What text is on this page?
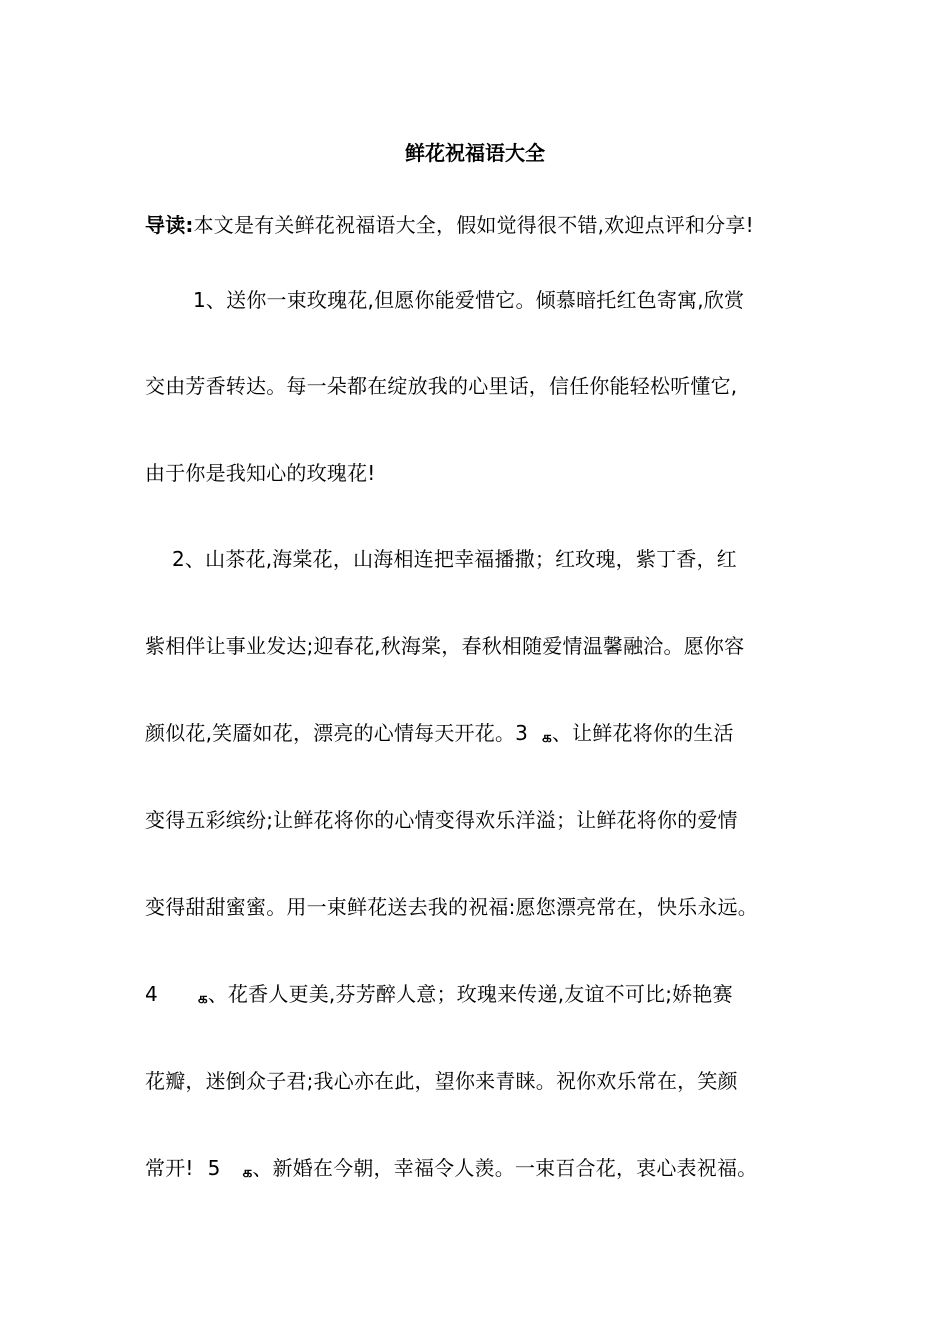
鲜花祝福语大全
导读:本文是有关鲜花祝福语大全，假如觉得很不错,欢迎点评和分享!
1、送你一束玫瑰花,但愿你能爱惜它。倾慕暗托红色寄寓,欣赏
交由芳香转达。每一朵都在绽放我的心里话，信任你能轻松听懂它,
由于你是我知心的玫瑰花!
2、山茶花,海棠花，山海相连把幸福播撒；红玫瑰，紫丁香，红
紫相伴让事业发达;迎春花,秋海棠，春秋相随爱情温馨融洽。愿你容
颜似花,笑靥如花，漂亮的心情每天开花。3க、让鲜花将你的生活
变得五彩缤纷;让鲜花将你的心情变得欢乐洋溢；让鲜花将你的爱情
变得甜甜蜜蜜。用一束鲜花送去我的祝福:愿您漂亮常在，快乐永远。
4	க、花香人更美,芬芳醉人意；玫瑰来传递,友谊不可比;娇艳赛
花瓣，迷倒众子君;我心亦在此，望你来青睐。祝你欢乐常在，笑颜
常开! 5க、新婚在今朝，幸福令人羡。一束百合花，衷心表祝福。
